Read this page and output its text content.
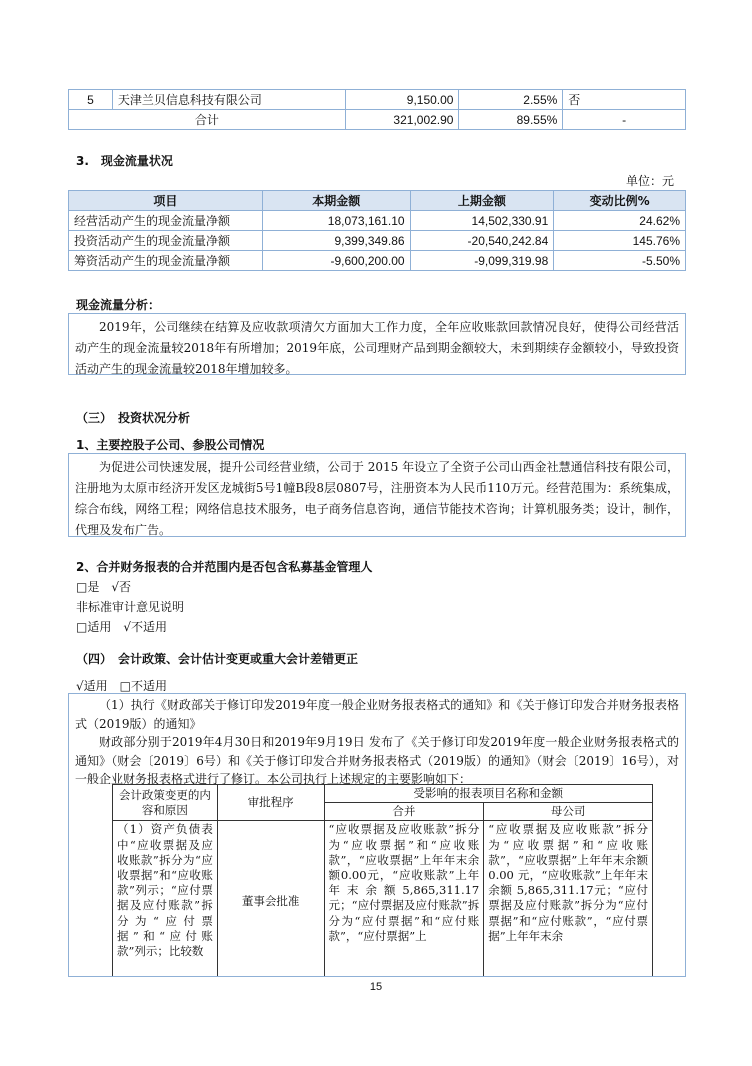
5	天津兰贝信息科技有限公司	9,150.00	2.55%	否
合计		321,002.90	89.55%	-
3.　现金流量状况
单位：元
项目	本期金额	上期金额	变动比例%
经营活动产生的现金流量净额	18,073,161.10	14,502,330.91	24.62%
投资活动产生的现金流量净额	9,399,349.86	-20,540,242.84	145.76%
筹资活动产生的现金流量净额	-9,600,200.00	-9,099,319.98	-5.50%
现金流量分析：

2019年，公司继续在结算及应收款项清欠方面加大工作力度，全年应收账款回款情况良好，使得公司经营活动产生的现金流量较2018年有所增加；2019年底，公司理财产品到期金额较大，未到期续存金额较小，导致投资活动产生的现金流量较2018年增加较多。

（三）　投资状况分析
1、主要控股子公司、参股公司情况

为促进公司快速发展，提升公司经营业绩，公司于 2015 年设立了全资子公司山西金社慧通信科技有限公司，注册地为太原市经济开发区龙城街5号1幢B段8层0807号，注册资本为人民币110万元。经营范围为：系统集成，综合布线，网络工程；网络信息技术服务，电子商务信息咨询，通信节能技术咨询；计算机服务类；设计，制作，代理及发布广告。

2、合并财务报表的合并范围内是否包含私募基金管理人
□是　√否
非标准审计意见说明
□适用　√不适用
（四）　会计政策、会计估计变更或重大会计差错更正
√适用　□不适用

（1）执行《财政部关于修订印发2019年度一般企业财务报表格式的通知》和《关于修订印发合并财务报表格式（2019版）的通知》

财政部分别于2019年4月30日和2019年9月19日 发布了《关于修订印发2019年度一般企业财务报表格式的通知》（财会〔2019〕6号）和《关于修订印发合并财务报表格式（2019版）的通知》（财会〔2019〕16号），对一般企业财务报表格式进行了修订。本公司执行上述规定的主要影响如下：

会计政策变更的内容和原因	审批程序	受影响的报表项目名称和金额	
		合并	母公司
（1）资产负债表中“应收票据及应收账款”拆分为“应收票据”和“应收账款”列示；“应付票据及应付账款”拆分为“应付票据”和“应付账款”列示；比较数	董事会批准	“应收票据及应收账款”拆分为“应收票据”和“应收账款”，“应收票据”上年年末余额0.00元，“应收账款”上年年末余额5,865,311.17元；“应付票据及应付账款”拆分为“应付票据”和“应付账款”，“应付票据”上	“应收票据及应收账款”拆分为“应收票据”和“应收账款”，“应收票据”上年年末余额 0.00 元，“应收账款”上年年末余额 5,865,311.17元；“应付票据及应付账款”拆分为“应付票据”和“应付账款”，“应付票据”上年年末余
15
